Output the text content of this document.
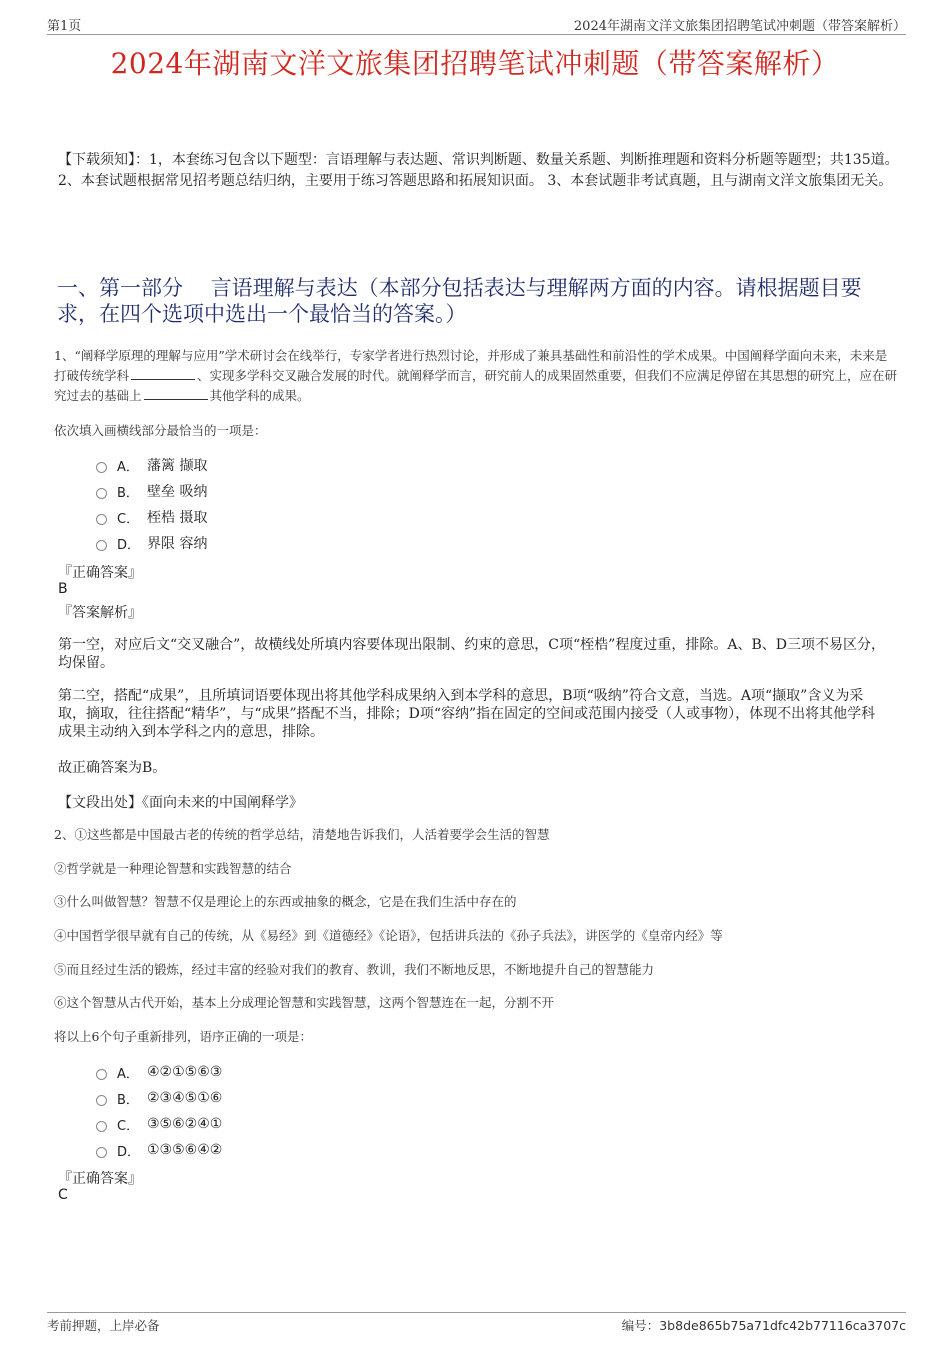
第1页	2024年湖南文洋文旅集团招聘笔试冲刺题（带答案解析）
2024年湖南文洋文旅集团招聘笔试冲刺题（带答案解析）
【下载须知】：1，本套练习包含以下题型：言语理解与表达题、常识判断题、数量关系题、判断推理题和资料分析题等题型；共135道。 2、本套试题根据常见招考题总结归纳，主要用于练习答题思路和拓展知识面。 3、本套试题非考试真题，且与湖南文洋文旅集团无关。
一、第一部分　 言语理解与表达（本部分包括表达与理解两方面的内容。请根据题目要求，在四个选项中选出一个最恰当的答案。）
1、“阐释学原理的理解与应用”学术研讨会在线举行，专家学者进行热烈讨论，并形成了兼具基础性和前沿性的学术成果。中国阐释学面向未来，未来是打破传统学科	、实现多学科交叉融合发展的时代。就阐释学而言，研究前人的成果固然重要，但我们不应满足停留在其思想的研究上，应在研究过去的基础上	其他学科的成果。
依次填入画横线部分最恰当的一项是：
A． 藩篱 撷取
B． 壁垒 吸纳
C． 桎梏 摄取
D． 界限 容纳
『正确答案』
B
『答案解析』
第一空，对应后文“交叉融合”，故横线处所填内容要体现出限制、约束的意思，C项“桎梏”程度过重，排除。A、B、D三项不易区分，均保留。
第二空，搭配“成果”，且所填词语要体现出将其他学科成果纳入到本学科的意思，B项“吸纳”符合文意，当选。A项“撷取”含义为采取，摘取，往往搭配“精华”，与“成果”搭配不当，排除；D项“容纳”指在固定的空间或范围内接受（人或事物），体现不出将其他学科成果主动纳入到本学科之内的意思，排除。
故正确答案为B。
【文段出处】《面向未来的中国阐释学》
2、①这些都是中国最古老的传统的哲学总结，清楚地告诉我们，人活着要学会生活的智慧
②哲学就是一种理论智慧和实践智慧的结合
③什么叫做智慧？智慧不仅是理论上的东西或抽象的概念，它是在我们生活中存在的
④中国哲学很早就有自己的传统，从《易经》到《道德经》《论语》，包括讲兵法的《孙子兵法》，讲医学的《皇帝内经》等
⑤而且经过生活的锻炼，经过丰富的经验对我们的教育、教训，我们不断地反思，不断地提升自己的智慧能力
⑥这个智慧从古代开始，基本上分成理论智慧和实践智慧，这两个智慧连在一起，分割不开
将以上6个句子重新排列，语序正确的一项是：
A． ④②①⑤⑥③
B． ②③④⑤①⑥
C． ③⑤⑥②④①
D． ①③⑤⑥④②
『正确答案』
C
考前押题，上岸必备	编号：3b8de865b75a71dfc42b77116ca3707c
